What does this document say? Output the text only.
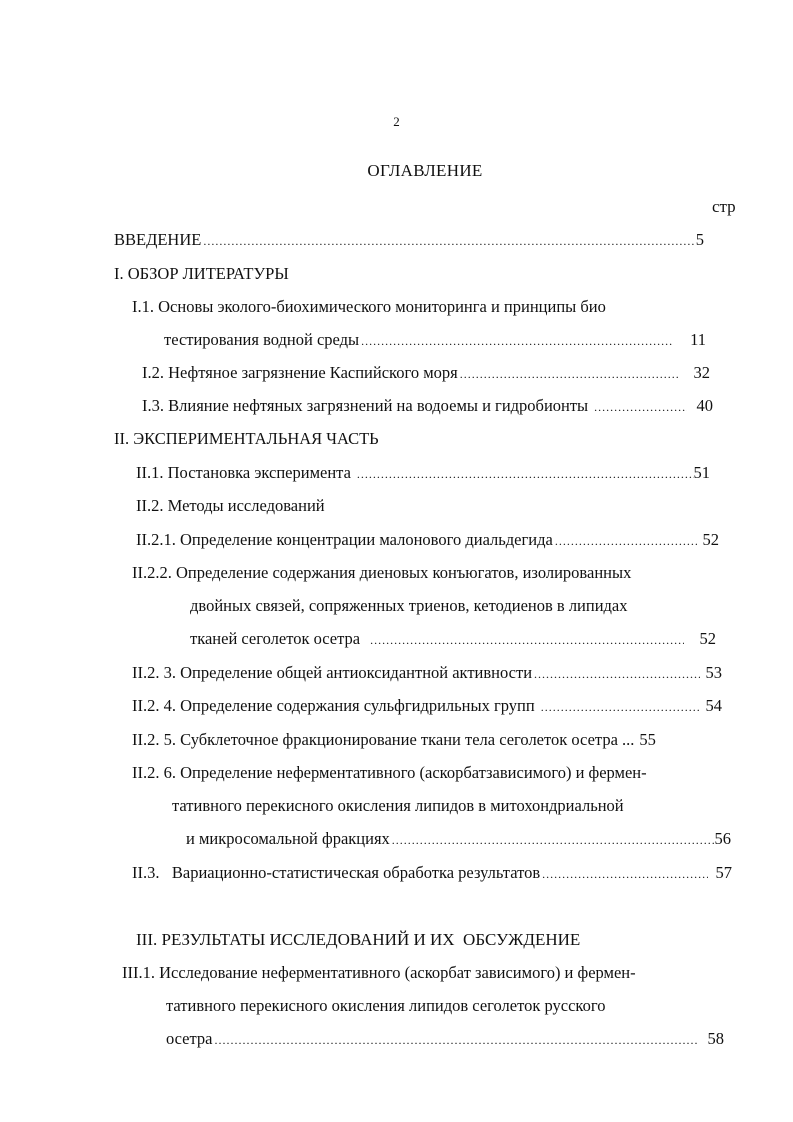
2
ОГЛАВЛЕНИЕ
стр
ВВЕДЕНИЕ .....	5
I. ОБЗОР ЛИТЕРАТУРЫ
I.1. Основы эколого-биохимического мониторинга и принципы био
тестирования водной среды .....	11
I.2. Нефтяное загрязнение Каспийского моря .....	32
I.3. Влияние нефтяных загрязнений на водоемы и гидробионты .....	40
II. ЭКСПЕРИМЕНТАЛЬНАЯ ЧАСТЬ
II.1. Постановка эксперимента .....	51
II.2. Методы исследований
II.2.1. Определение концентрации малонового диальдегида .....	52
II.2.2. Определение содержания диеновых конъюгатов, изолированных
двойных связей, сопряженных триенов, кетодиенов в липидах
тканей сеголеток осетра .....	52
II.2. 3. Определение общей антиоксидантной активности .....	53
II.2. 4. Определение содержания сульфгидрильных групп .....	54
II.2. 5. Субклеточное фракционирование ткани тела сеголеток осетра ... 55
II.2. 6. Определение неферментативного (аскорбатзависимого) и фермен-
тативного перекисного окисления липидов в митохондриальной
и микросомальной фракциях .....	56
II.3.   Вариационно-статистическая обработка результатов .....	57
III. РЕЗУЛЬТАТЫ ИССЛЕДОВАНИЙ И ИХ  ОБСУЖДЕНИЕ
III.1. Исследование неферментативного (аскорбат зависимого) и фермен-
тативного перекисного окисления липидов сеголеток русского
осетра .....	58
